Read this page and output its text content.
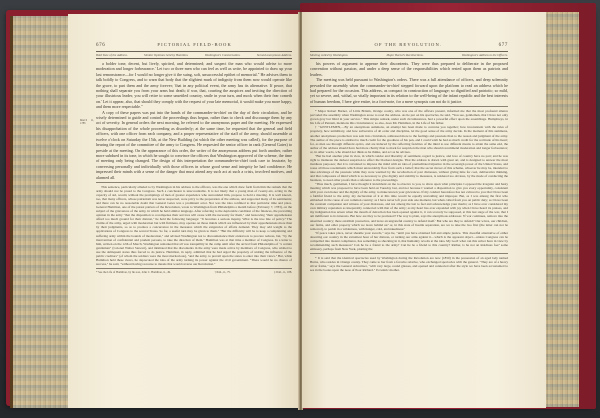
676	PICTORIAL FIELD-BOOK
Bold Tone of the Address.	Similar Opinions held by Hamilton.	Washington's Consternation.	Second anonymous Address.

a bolder tone, decent, but lively, spirited, and determined; and suspect the man who would advise to more moderation and longer forbearance.' Let two or three men who can feel as well as write, be appointed to draw up your last remonstrance—for I would no longer give it the suing, soft, unsuccessful epithet of memorial." He advises them to talk boldly to Congress, and to warn that body that the slightest mark of indignity from them now would operate like the grave, to part them and the army forever; 'that in any political event, the army has its alternative. If peace, that nothing shall separate you from your arms but death; if war, that, courting the auspices and inviting the direction of your illustrious leader, you will retire to some unsettled country, smile in your turn, and mock when their fear cometh on.' Let it appear, also, that should they comply with the request of your late memorial, it would make you more happy, and them more respectable."

March 11, 1783.

A copy of these papers was put into the hands of the commander-in-chief on the day of their circulation, and he wisely determined to guide and control the proceedings thus begun, rather than to check and discourage them by any act of severity. In general orders the next morning, he referred to the anonymous paper and the meeting. He expressed his disapprobation of the whole proceeding as disorderly; at the same time, he requested that the general and field officers, with one officer from each company, and a proper representative of the staff of the army, should assemble at twelve o'clock on Saturday the 15th, at the New Building (at which the other meeting was called), for the purpose of hearing the report of the committee of the army to Congress. He requested the senior officer in rank (General Gates) to preside at the meeting. On the appearance of this order, the writer of the anonymous address put forth another, rather more subdued in its tone, in which he sought to convince the officers that Washington approved of the scheme, the time of meeting only being changed. The design of this interpretation the commander-in-chief took care to frustrate, by conversing personally and individually with those officers in whose good sense and integrity he had confidence. He impressed their minds with a sense of the danger that must attend any such act at such a crisis, involved motives, and alarmed all.

This sentence, particularly alluded to by Washington in his address to the officers, was the one which drew forth from him the remark that the army should not be proud to the Congress. Such a conclusion is unaccountable. It is not likely that a young man of twenty-six, acting in the capacity of aid, would, without the promptings of men of greater experience who surrounded him, propose to hold a meeting. It is well known, too, that many officers, whose patriotism was never suspected, were privy to the preparation of the address, and supported many of its sentiments; and there can be no reasonable doubt that General Gates was a prominent actor. Nor was the idea confined to that particular time and place. General Hamilton, one of the purest patriots of the Revolution, wrote to Washington from Philadelphia a month before (February 7, 1783), on the subject of the grievances of the army, in which he held similar language. After referring to the deplorable condition of the finances, the prevailing opinion in the army "that the disposition to recompense their services will cease with the necessity for them," and bestowing "their apprehension afford too much ground for their distrust," he held the following language: "It becomes a serious inquiry, What is the true line of policy? The claims of the army, urged with moderation but with firmness, may operate on those minds which are influenced by their apprehensions more than by their judgments, so as to produce a concurrence in the measures which the exigencies of affairs demand. They may add weight to the applications of Congress to the several States. So far, a useful turn may be given to them." "But the difficulty will be to keep a complaining and suffering army within the bounds of moderation," and advised Washington not to discountenance their endeavors to procure redress, but, "by the intervention of confidential and prudent persons, to take the direction of them." Hamilton was at that time a member of Congress. In a letter to him, written on the 12th of March, Washington remarked that all was tranquillity in the camp until after the arrival from Philadelphia of "a certain gentleman" (Colonel Walter Stewart), and intimated that the discontents in the army were made active by members of Congress, who wished to use the delinquent states thus forced to do justice. Hamilton, in reply, admitted that he had urged the propriety of uniting the influence of the public creditors" (of whom the soldiers were the most meritorious), "and the army, to prevail upon the states to enter into their views." But, while Hamilton held these views, he deprecated the idea of the army turning its power against the civil government. "There would be no chance of success," he said, "without having recourse to means that would reverse our Revolution."

* See the Life of Hamilton, by his son, John C. Hamilton, ii., 49.	† Ibid., ii., 75.	‡ Ibid., ii., 188.
OF THE REVOLUTION.	677
Meeting called by Washington.	Major Burnet's Recollections.	Washington's Address to the Officers.

his powers of argument to appease their discontents. They were thus prepared to deliberate in the proposed convention without passion, and under a deep sense of the responsibilities which rested upon them as patriots and leaders.

The meeting was held pursuant to Washington's orders. There was a full attendance of officers, and deep solemnity pervaded the assembly when the commander-in-chief stepped forward upon the platform to read an address which he had prepared for the occasion. This address, as compact in construction of language; so dignified and patriotic; so mild, yet so severe, and, withal, so vitally important in its relation to the well-being of the infant republic and the best interests of human freedom, I here give entire, in a foot-note, for a mere synopsis can not do it justice.

* Major Robert Burnet, of Little Britain, Orange county, who was one of the officers present, informed me that the most profound silence pervaded the assembly when Washington arose to read the address. As he put on his spectacles, he said, "You see, gentlemen, that I have not only grown gray but blind in your service." This simple remark, under such circumstances, had a powerful effect upon the assemblage. Humphreys, in his Life of Putnam, mentions this circumstance; so also, does Mr. Hamilton, in the Life of his father.

† "GENTLEMEN,—By an anonymous summons, an attempt has been made to convene you together; how inconsistent with the rules of propriety, how unmilitary, and how subversive of all order and discipline, let the good sense of the army decide. In the moment of this summons, another anonymous production was sent into circulation, addressed more to the feelings and passions than to the reason and judgment of the army. The author of the piece is entitled to much credit for the goodness of his pen, and I could wish he had as much credit for the rectitude of his heart; for, as men see through different optics, and are induced by the reflecting faculties of the mind to use different means to attain the same end, the author of the address should have had more charity than to mark for suspicion the man who should recommend moderation and longer forbearance; or, in other words, who should not think as he thinks, and act as he advises.

"But he had another plan in view, in which candor and liberality of sentiment, regard to justice, and love of country have no part; and he was right to insinuate the darkest suspicion to effect the blackest designs. That the address is drawn with great art, and is designed to answer the most insidious purposes; that it is calculated to impress the mind with an idea of premeditated injustice in the sovereign power of the United States, and rouse all those resentments which must unavoidably flow from such a belief; that the secret mover of this scheme, whoever he may be, intended to take advantage of the passions while they were warmed by the recollection of past distresses, without giving time for cool, deliberative thinking, and that composure of mind which is so necessary to give dignity and stability to measures, is rendered too obvious, by the mode of conducting the business, to need other proofs than a reference to the proceedings.

"Thus much, gentlemen, I have thought it incumbent on me to observe to you, to show upon what principles I opposed the irregular and hasty meeting which was proposed to have been held on Tuesday last, and not because I wanted a disposition to give you every opportunity, consistent with your own honor and the dignity of the army, to make known your grievances. If my conduct heretofore has not evinced to you that I have been a faithful friend to the army, my declaration of it at this time would be equally unavailing and improper. But, as I was among the first who embarked in the cause of our common country; as I have never left your side one moment, but when called from you on public duty; as I have been the constant companion and witness of your distresses, and not among the last to feel and acknowledge your merits; as I have ever considered my own military reputation as inseparably connected with that of the army; as my heart has ever expanded with joy when I have heard its praises, and my indignation has arisen when the mouth of detraction has been opened against it, it can scarcely be supposed, at this last stage of the war, that I am indifferent to its interests. But how are they to be promoted? The way is plain, says the anonymous addresser. 'If war continues, remove into the unsettled country; there establish yourselves, and leave an ungrateful country to defend itself.' But who are they to defend? Our wives, our children, our farms, and other property which we leave behind us? or, in this state of hostile separation, are we to take the two first (the latter can not be removed), to perish in a wilderness, with hunger, cold, and nakedness?

"If peace takes place, never sheathe your swords," says he, "until you have obtained full and ample justice. This dreadful alternative of either deserting our country in the extremest hour of her distress, or turning our arms against it—which is the apparent object—unless Congress can be compelled into instant compliance, has something so shocking in it, that humanity revolts at the idea. My God! what can this writer have in view by recommending such measures? Can he be a friend to the army? Can he be a friend to this country? Rather, is he not an insidious foe? some emissary, perhaps from New York, plotting the

* It is said that the identical spectacles used by Washington during the Revolution are now (1850) in the possession of an aged lady named Burns, who resides in Orange county. They came to her from a favorite relative, who exchanged spectacles with the general. "They are of a heavy silver frame," says the General Advertiser, "with very large, round glasses, and opened and connected after the style we have been accustomed to see in the books upon the nose of Poor Richard." Eccentric mother.
